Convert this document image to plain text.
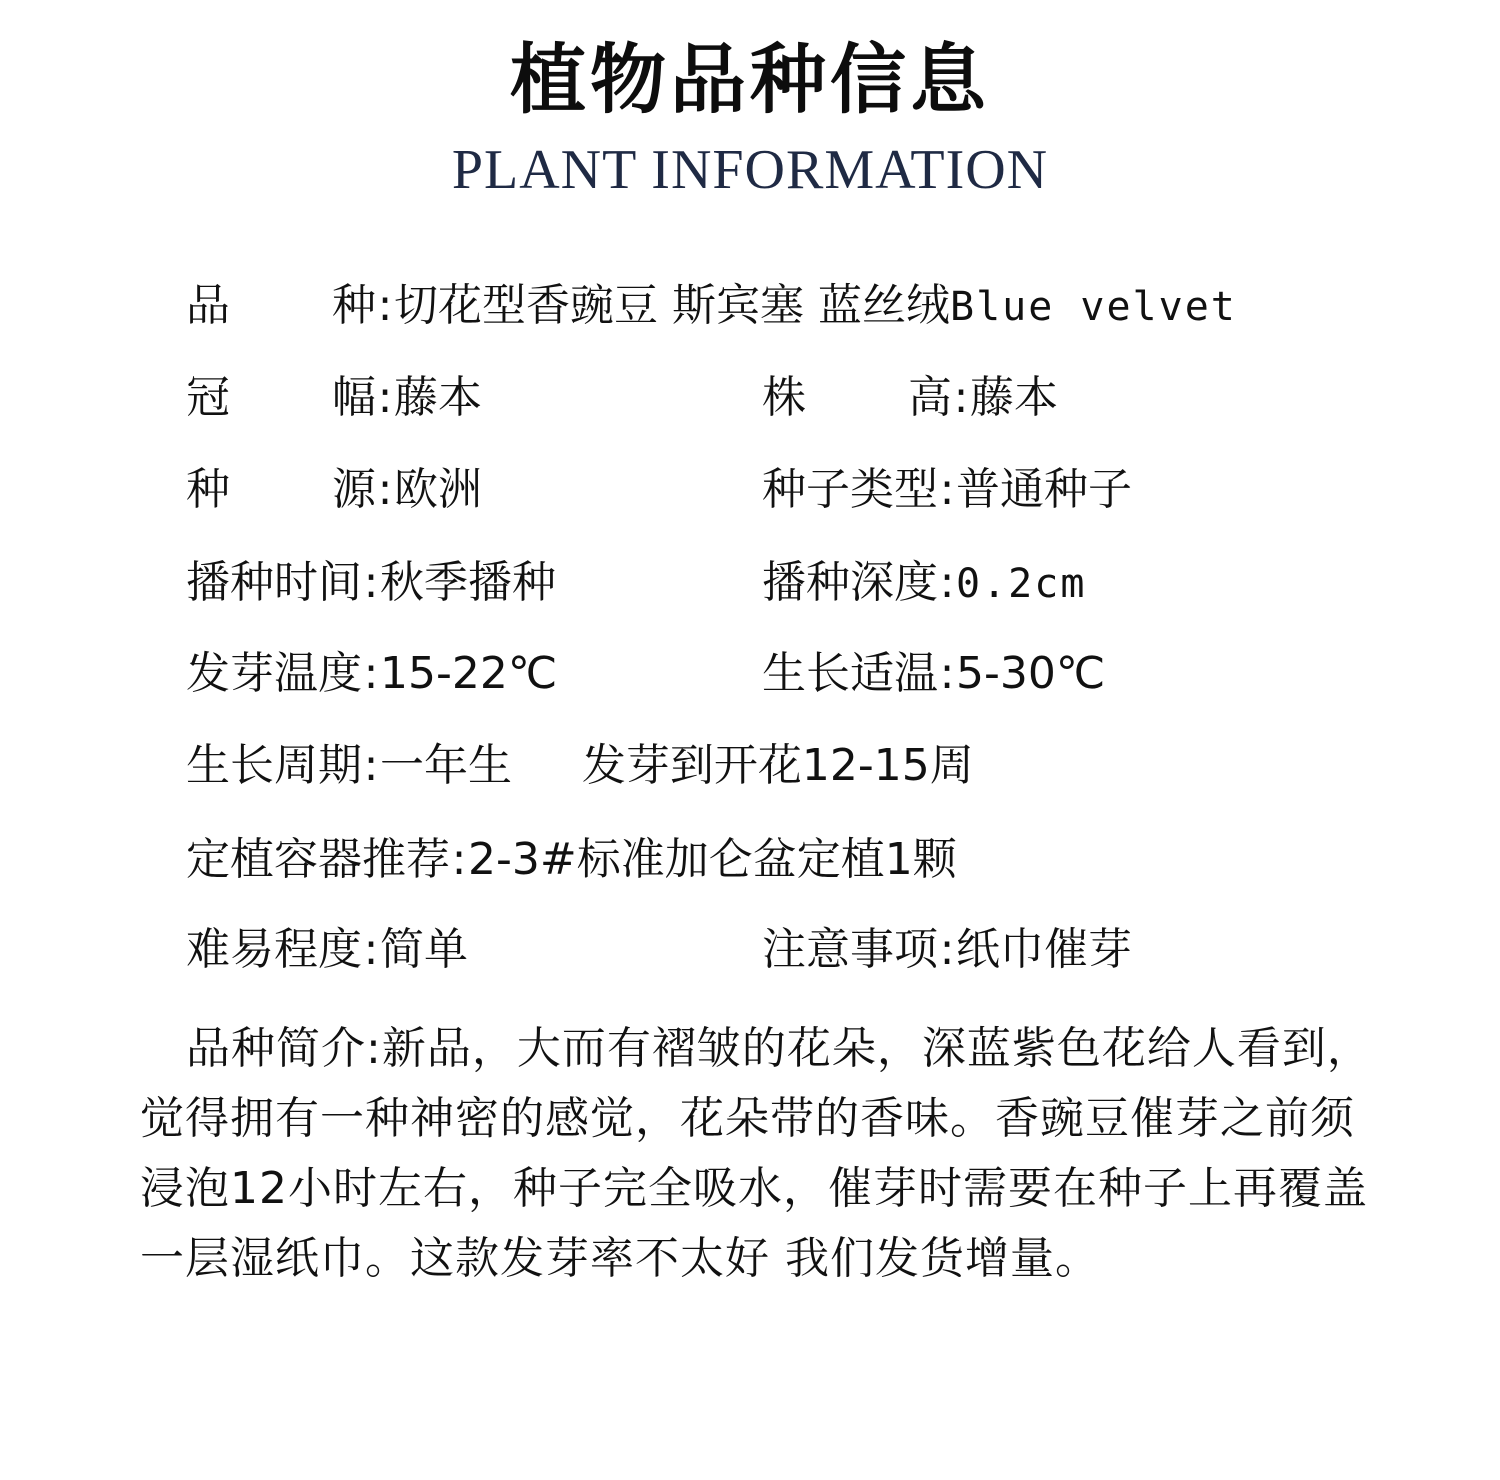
植物品种信息
PLANT INFORMATION
品 种 :切花型香豌豆 斯宾塞 蓝丝绒Blue velvet
冠 幅 :藤本	株 高 :藤本
种 源 :欧洲	种子类型:普通种子
播种时间:秋季播种	播种深度:0.2cm
发芽温度:15-22℃	生长适温:5-30℃
生长周期:一年生     发芽到开花12-15周
定植容器推荐:2-3#标准加仑盆定植1颗
难易程度:简单	注意事项:纸巾催芽
品种简介:新品，大而有褶皱的花朵，深蓝紫色花给人看到，觉得拥有一种神密的感觉，花朵带的香味。香豌豆催芽之前须浸泡12小时左右，种子完全吸水，催芽时需要在种子上再覆盖一层湿纸巾。这款发芽率不太好 我们发货增量。
